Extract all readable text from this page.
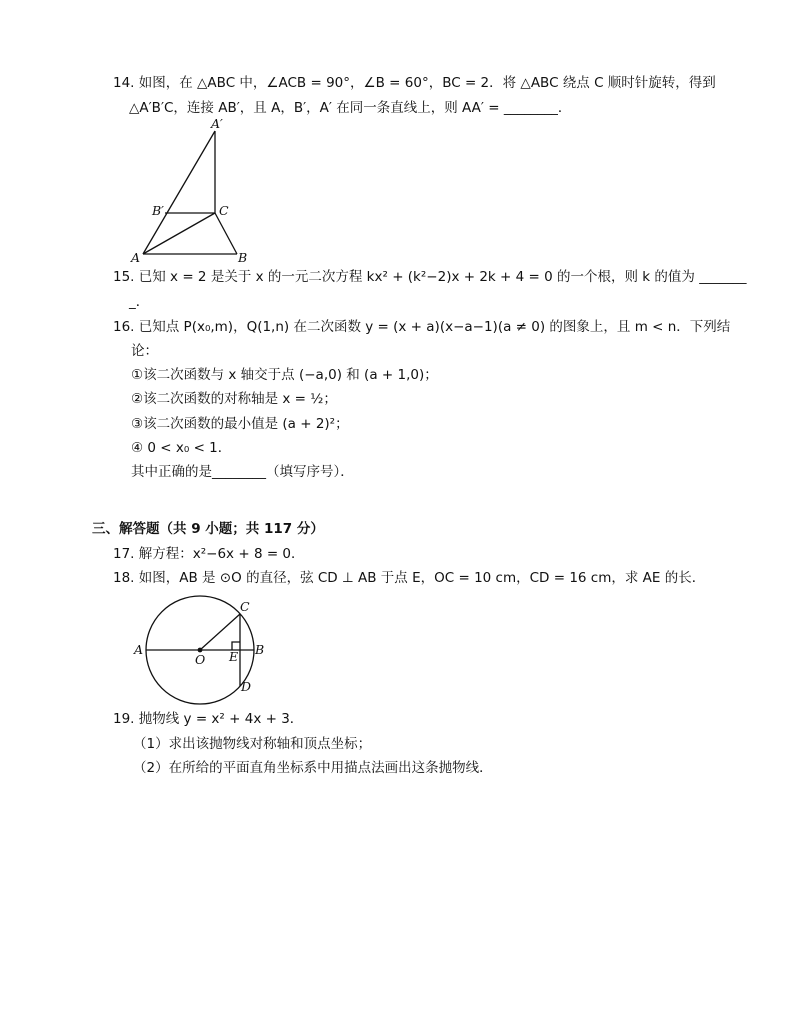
14. 如图，在 △ABC 中，∠ACB = 90°，∠B = 60°，BC = 2．将 △ABC 绕点 C 顺时针旋转，得到
△A′B′C，连接 AB′，且 A，B′，A′ 在同一条直线上，则 AA′ = ________．
A′
B′	C
A	B
15. 已知 x = 2 是关于 x 的一元二次方程 kx² + (k²−2)x + 2k + 4 = 0 的一个根，则 k 的值为 _______
_．
16. 已知点 P(x₀,m)，Q(1,n) 在二次函数 y = (x + a)(x−a−1)(a ≠ 0) 的图象上，且 m < n．下列结
论：
①该二次函数与 x 轴交于点 (−a,0) 和 (a + 1,0)；
②该二次函数的对称轴是 x = ½；
③该二次函数的最小值是 (a + 2)²；
④ 0 < x₀ < 1．
其中正确的是________（填写序号）．
三、解答题（共 9 小题；共 117 分）
17. 解方程：x²−6x + 8 = 0．
18. 如图，AB 是 ⊙O 的直径，弦 CD ⊥ AB 于点 E，OC = 10 cm，CD = 16 cm，求 AE 的长．
C
A
O E B
D
19. 抛物线 y = x² + 4x + 3．
（1）求出该抛物线对称轴和顶点坐标；
（2）在所给的平面直角坐标系中用描点法画出这条抛物线．
